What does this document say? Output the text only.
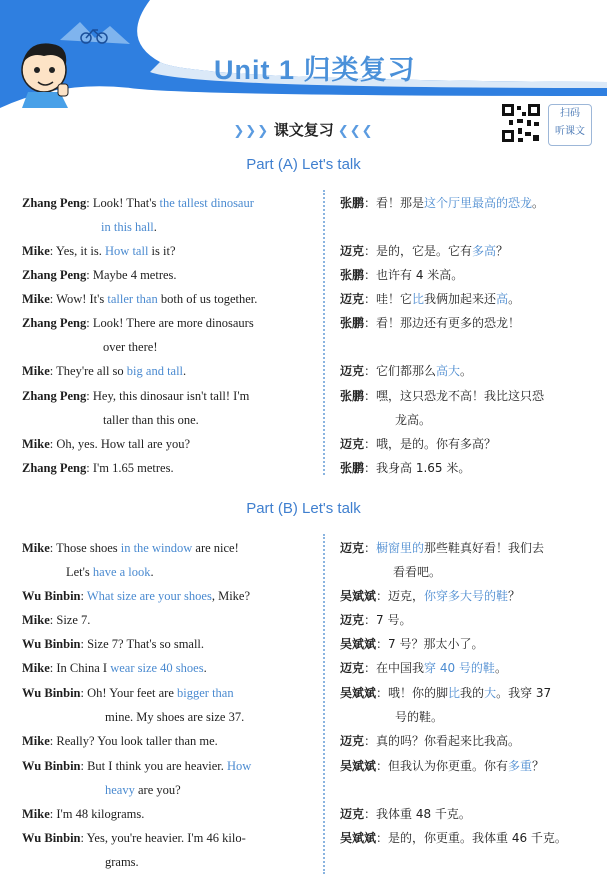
Unit 1 归类复习
扫码
听课文
❯❯❯ 课文复习 ❮❮❮
Part (A) Let's talk
Part (B) Let's talk
Zhang Peng: Look! That's the tallest dinosaur
in this hall.
Mike: Yes, it is. How tall is it?
Zhang Peng: Maybe 4 metres.
Mike: Wow! It's taller than both of us together.
Zhang Peng: Look! There are more dinosaurs
over there!
Mike: They're all so big and tall.
Zhang Peng: Hey, this dinosaur isn't tall! I'm
taller than this one.
Mike: Oh, yes. How tall are you?
Zhang Peng: I'm 1.65 metres.
张鹏：看！那是这个厅里最高的恐龙。
迈克：是的，它是。它有多高？
张鹏：也许有 4 米高。
迈克：哇！它比我俩加起来还高。
张鹏：看！那边还有更多的恐龙！
迈克：它们都那么高大。
张鹏：嘿，这只恐龙不高！我比这只恐
龙高。
迈克：哦，是的。你有多高？
张鹏：我身高 1.65 米。
Mike: Those shoes in the window are nice!
Let's have a look.
Wu Binbin: What size are your shoes, Mike?
Mike: Size 7.
Wu Binbin: Size 7? That's so small.
Mike: In China I wear size 40 shoes.
Wu Binbin: Oh! Your feet are bigger than
mine. My shoes are size 37.
Mike: Really? You look taller than me.
Wu Binbin: But I think you are heavier. How
heavy are you?
Mike: I'm 48 kilograms.
Wu Binbin: Yes, you're heavier. I'm 46 kilo-
grams.
迈克：橱窗里的那些鞋真好看！我们去
看看吧。
吴斌斌：迈克，你穿多大号的鞋？
迈克：7 号。
吴斌斌：7 号？那太小了。
迈克：在中国我穿 40 号的鞋。
吴斌斌：哦！你的脚比我的大。我穿 37
号的鞋。
迈克：真的吗？你看起来比我高。
吴斌斌：但我认为你更重。你有多重？
迈克：我体重 48 千克。
吴斌斌：是的，你更重。我体重 46 千克。
